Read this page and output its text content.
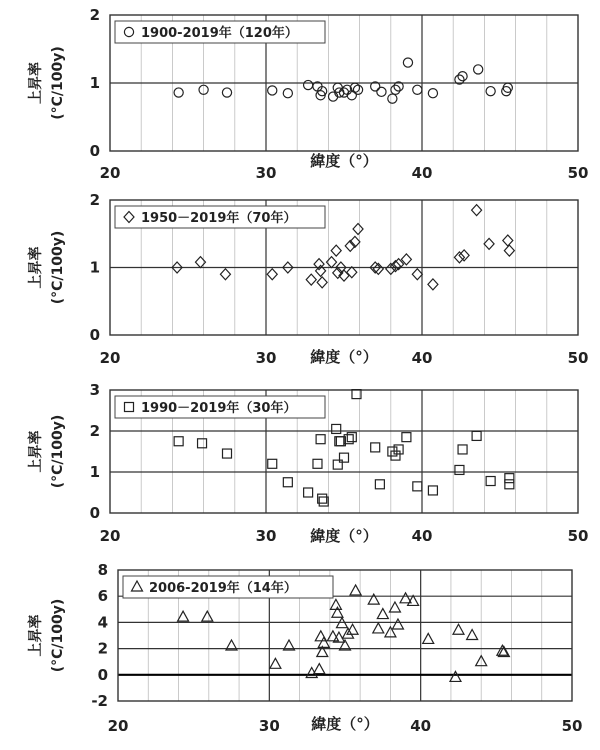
0
1
2
20	30	40	50
緯度（°）
上昇率 (°C/100y)
1900-2019年（120年）
0
1
2
20	30	40	50
緯度（°）
上昇率 (°C/100y)
1950－2019年（70年）
0
1
2
3
20	30	40	50
緯度（°）
上昇率 (°C/100y)
1990－2019年（30年）
-2
0
2
4
6
8
20	30	40	50
緯度（°）
上昇率 (°C/100y)
2006-2019年（14年）
